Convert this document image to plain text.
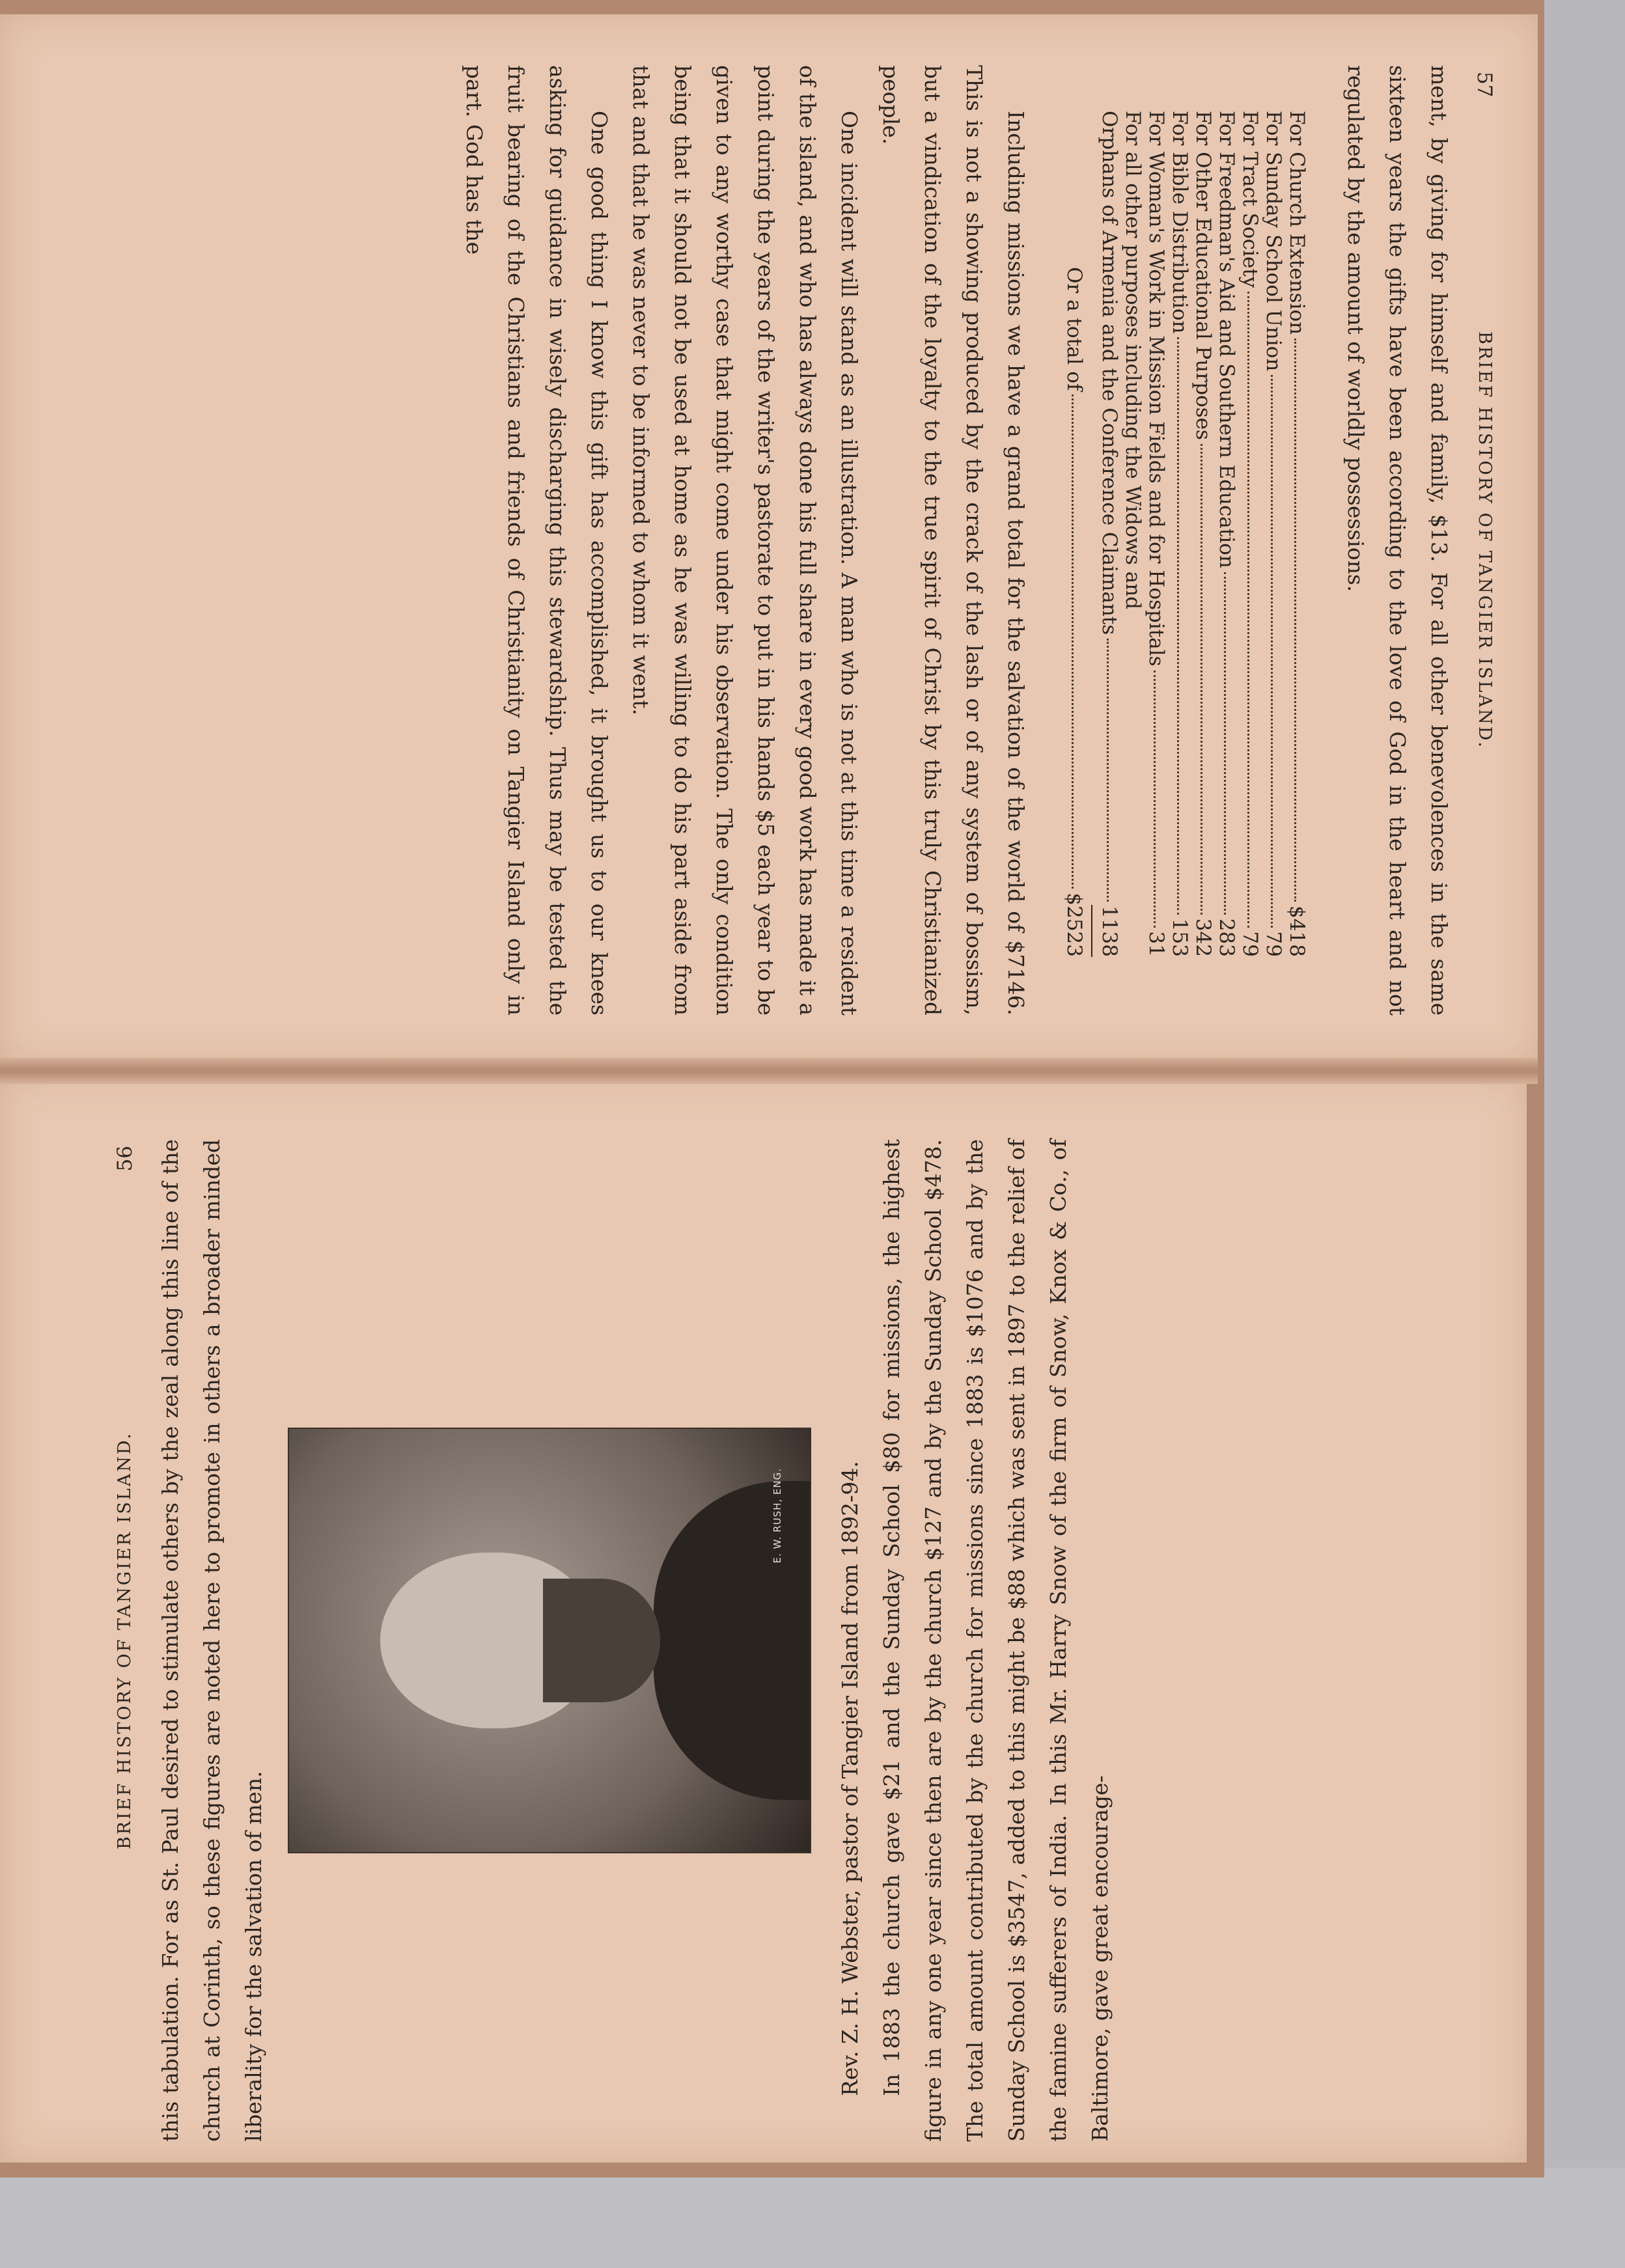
BRIEF HISTORY OF TANGIER ISLAND.
56 this tabulation. For as St. Paul desired to stimulate others by the zeal along this line of the church at Corinth, so these figures are noted here to promote in others a broader minded liberality for the salvation of men.

E. W. RUSH, ENG.	Rev. Z. H. Webster, pastor of Tangier Island from 1892-94. In 1883 the church gave $21 and the Sunday School $80 for missions, the highest figure in any one year since then are by the church $127 and by the Sunday School $478. The total amount contributed by the church for missions since 1883 is $1076 and by the Sunday School is $3547, added to this might be $88 which was sent in 1897 to the relief of the famine sufferers of India. In this Mr. Harry Snow of the firm of Snow, Knox & Co., of Baltimore, gave great encourage-

57
BRIEF HISTORY OF TANGIER ISLAND.

ment, by giving for himself and family, $13. For all other benevolences in the same sixteen years the gifts have been according to the love of God in the heart and not regulated by the amount of worldly possessions.

For Church Extension
$418
For Sunday School Union
79
For Tract Society
79
For Freedman's Aid and Southern Education
283
For Other Educational Purposes
342
For Bible Distribution
153
For Woman's Work in Mission Fields and for Hospitals
31
For all other purposes including the Widows and
Orphans of Armenia and the Conference Claimants
1138
Or a total of
$2523

Including missions we have a grand total for the salvation of the world of $7146. This is not a showing produced by the crack of the lash or of any system of bossism, but a vindication of the loyalty to the true spirit of Christ by this truly Christianized people.

One incident will stand as an illustration. A man who is not at this time a resident of the island, and who has always done his full share in every good work has made it a point during the years of the writer's pastorate to put in his hands $5 each year to be given to any worthy case that might come under his observation. The only condition being that it should not be used at home as he was willing to do his part aside from that and that he was never to be informed to whom it went.

One good thing I know this gift has accomplished, it brought us to our knees asking for guidance in wisely discharging this stewardship. Thus may be tested the fruit bearing of the Christians and friends of Christianity on Tangier Island only in part. God has the
